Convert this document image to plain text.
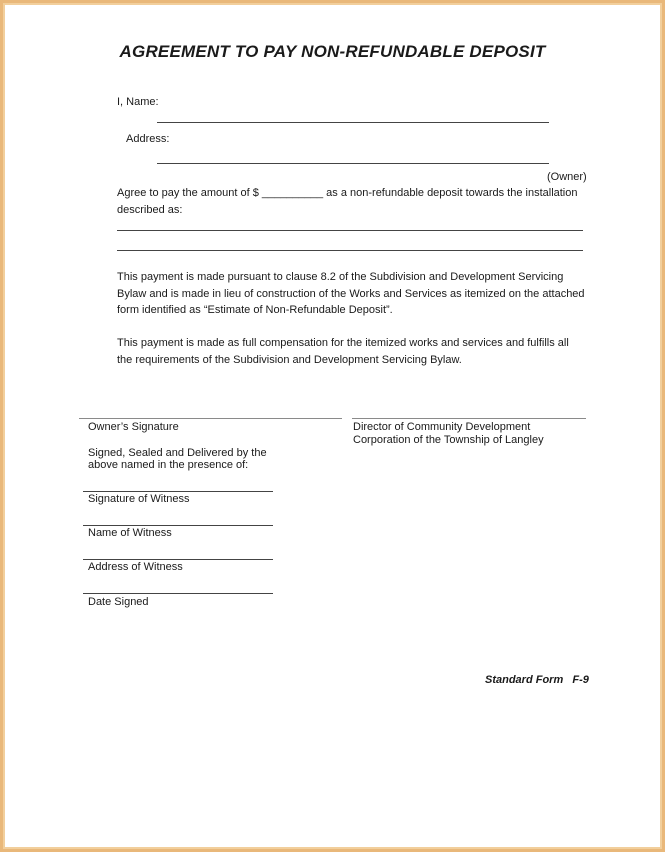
AGREEMENT TO PAY NON-REFUNDABLE DEPOSIT
I, Name:
Address:
(Owner)
Agree to pay the amount of $ __________ as a non-refundable deposit towards the installation
described as:
This payment is made pursuant to clause 8.2 of the Subdivision and Development Servicing Bylaw and is made in lieu of construction of the Works and Services as itemized on the attached form identified as “Estimate of Non-Refundable Deposit”.
This payment is made as full compensation for the itemized works and services and fulfills all the requirements of the Subdivision and Development Servicing Bylaw.
Owner’s Signature	Director of Community Development
Corporation of the Township of Langley
Signed, Sealed and Delivered by the
above named in the presence of:
Signature of Witness
Name of Witness
Address of Witness
Date Signed
Standard Form F-9
